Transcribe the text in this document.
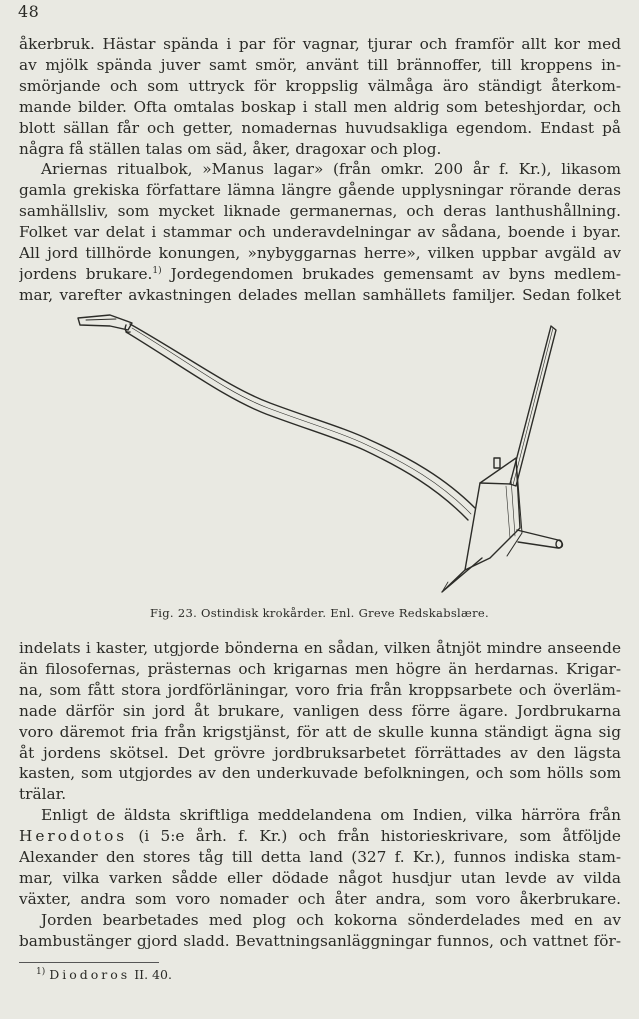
48
åkerbruk. Hästar spända i par för vagnar, tjurar och framför allt kor med
av mjölk spända juver samt smör, använt till brännoffer, till kroppens in-
smörjande och som uttryck för kroppslig välmåga äro ständigt återkom-
mande bilder. Ofta omtalas boskap i stall men aldrig som beteshjordar, och
blott sällan får och getter, nomadernas huvudsakliga egendom. Endast på
några få ställen talas om säd, åker, dragoxar och plog.
Ariernas ritualbok, »Manus lagar» (från omkr. 200 år f. Kr.), likasom
gamla grekiska författare lämna längre gående upplysningar rörande deras
samhällsliv, som mycket liknade germanernas, och deras lanthushållning.
Folket var delat i stammar och underavdelningar av sådana, boende i byar.
All jord tillhörde konungen, »nybyggarnas herre», vilken uppbar avgäld av
jordens brukare.$^{1)}$ Jordegendomen brukades gemensamt av byns medlem-
mar, varefter avkastningen delades mellan samhällets familjer. Sedan folket
Fig. 23. Ostindisk krokårder. Enl. Greve Redskabslære.
indelats i kaster, utgjorde bönderna en sådan, vilken åtnjöt mindre anseende
än filosofernas, prästernas och krigarnas men högre än herdarnas. Krigar-
na, som fått stora jordförläningar, voro fria från kroppsarbete och överläm-
nade därför sin jord åt brukare, vanligen dess förre ägare. Jordbrukarna
voro däremot fria från krigstjänst, för att de skulle kunna ständigt ägna sig
åt jordens skötsel. Det grövre jordbruksarbetet förrättades av den lägsta
kasten, som utgjordes av den underkuvade befolkningen, och som hölls som
trälar.
Enligt de äldsta skriftliga meddelandena om Indien, vilka härröra från
Herodotos (i 5:e årh. f. Kr.) och från historieskrivare, som åtföljde
Alexander den stores tåg till detta land (327 f. Kr.), funnos indiska stam-
mar, vilka varken sådde eller dödade något husdjur utan levde av vilda
växter, andra som voro nomader och åter andra, som voro åkerbrukare.
Jorden bearbetades med plog och kokorna sönderdelades med en av
bambustänger gjord sladd. Bevattningsanläggningar funnos, och vattnet för-
$^{1)}$ Diodoros II. 40.
